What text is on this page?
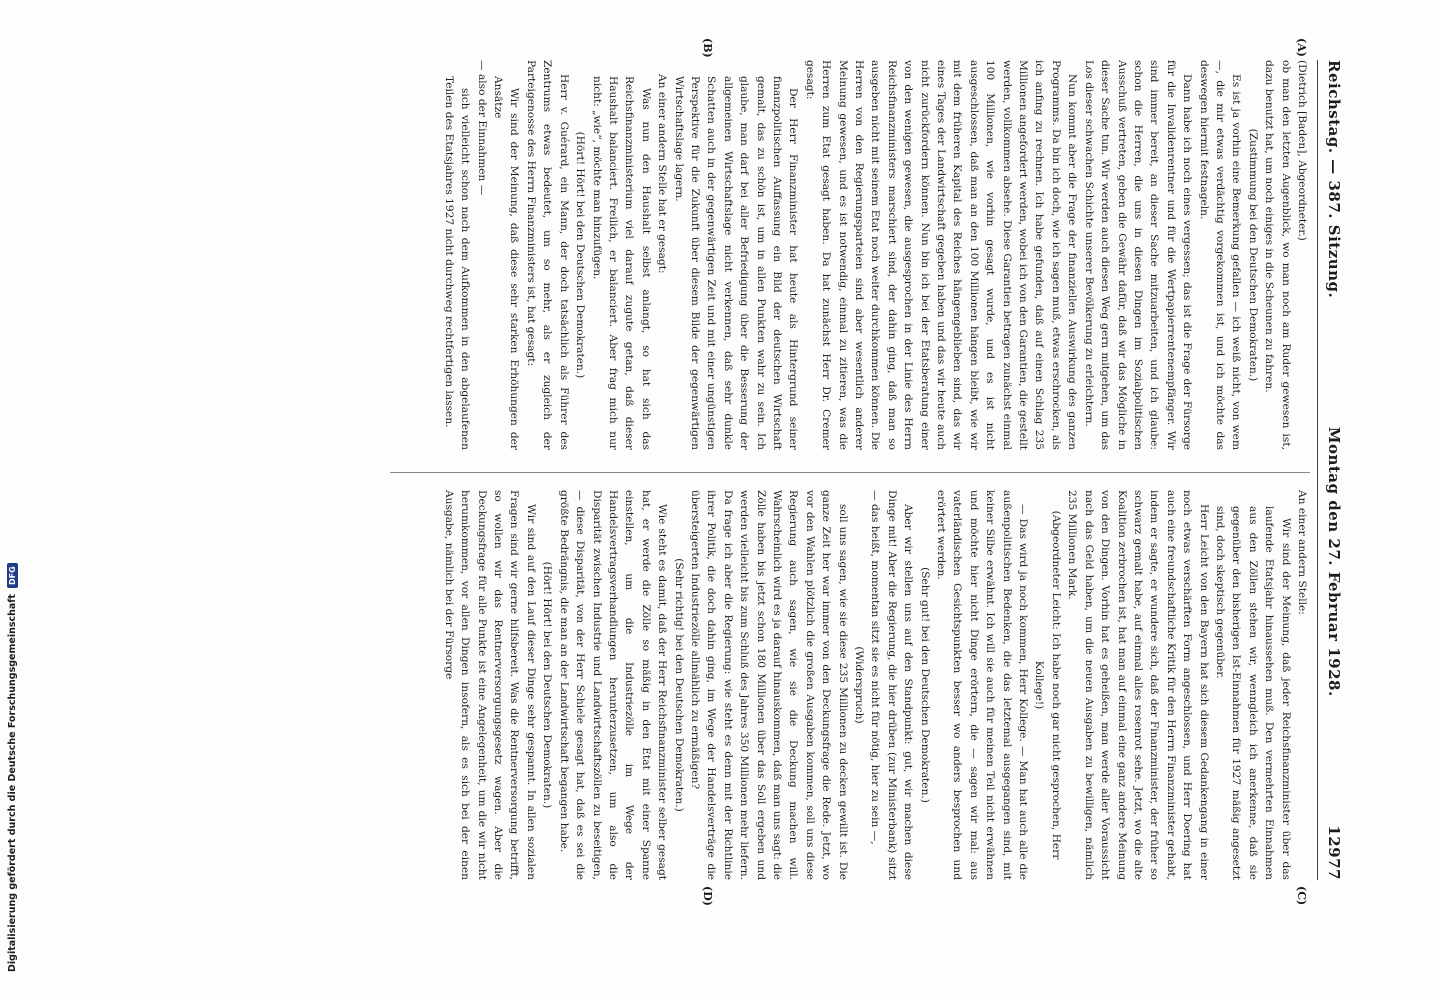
Reichstag. — 387. Sitzung.
Montag den 27. Februar 1928.
12977
(A)
(B)
(C)
(D)

(Dietrich [Baden], Abgeordneter.)

ob man den letzten Augenblick, wo man noch am Ruder gewesen ist, dazu benutzt hat, um noch einiges in die Scheunen zu fahren.

(Zustimmung bei den Deutschen Demokraten.)

Es ist ja vorhin eine Bemerkung gefallen — ich weiß nicht, von wem —, die mir etwas verdächtig vorgekommen ist, und ich möchte das deswegen hiermit festnageln.

Dann habe ich noch eines vergessen; das ist die Frage der Fürsorge für die Invalidenrentner und für die Wertpapierrentenempfänger. Wir sind immer bereit, an dieser Sache mitzuarbeiten, und ich glaube: schon die Herren, die uns in diesen Dingen im Sozialpolitischen Ausschuß vertreten, geben die Gewähr dafür, daß wir das Mögliche in dieser Sache tun. Wir werden auch diesen Weg gern mitgehen, um das Los dieser schwachen Schichte unserer Bevölkerung zu erleichtern.

Nun kommt aber die Frage der finanziellen Auswirkung des ganzen Programms. Da bin ich doch, wie ich sagen muß, etwas erschrocken, als ich anfing zu rechnen. Ich habe gefunden, daß auf einen Schlag 235 Millionen angefordert werden, wobei ich von den Garantien, die gestellt werden, vollkommen absehe. Diese Garantien betragen zunächst einmal 100 Millionen, wie vorhin gesagt wurde, und es ist nicht ausgeschlossen, daß man an den 100 Millionen hängen bleibt, wie wir mit dem früheren Kapital des Reiches hängengeblieben sind, das wir eines Tages der Landwirtschaft gegeben haben und das wir heute auch nicht zurückfordern können. Nun bin ich bei der Etatsberatung einer von den wenigen gewesen, die ausgesprochen in der Linie des Herrn Reichsfinanzministers marschiert sind, der dahin ging, daß man so ausgeben nicht mit seinem Etat noch weiter durchkommen können. Die Herren von den Regierungsparteien sind aber wesentlich anderer Meinung gewesen, und es ist notwendig, einmal zu zitieren, was die Herren zum Etat gesagt haben. Da hat zunächst Herr Dr. Cremer gesagt:

Der Herr Finanzminister hat heute als Hintergrund seiner finanzpolitischen Auffassung ein Bild der deutschen Wirtschaft gemalt, das zu schön ist, um in allen Punkten wahr zu sein. Ich glaube, man darf bei aller Befriedigung über die Besserung der allgemeinen Wirtschaftslage nicht verkennen, daß sehr dunkle Schatten auch in der gegenwärtigen Zeit und mit einer ungünstigen Perspektive für die Zukunft über diesem Bilde der gegenwärtigen Wirtschaftslage lagern.

An einer andern Stelle hat er gesagt:

Was nun den Haushalt selbst anlangt, so hat sich das Reichsfinanzministerium viel darauf zugute getan, daß dieser Haushalt balanciert. Freilich, er balanciert. Aber frag mich nur nicht: „wie“, möchte man hinzufügen.

(Hört! Hört! bei den Deutschen Demokraten.)

Herr v. Guérard, ein Mann, der doch tatsächlich als Führer des Zentrums etwas bedeutet, um so mehr, als er zugleich der Parteigenosse des Herrn Finanzministers ist, hat gesagt:

Wir sind der Meinung, daß diese sehr starken Erhöhungen der Ansätze

— also der Einnahmen —

sich vielleicht schon nach dem Aufkommen in den abgelaufenen Teilen des Etatsjahres 1927 nicht durchweg rechtfertigen lassen.

An einer andern Stelle:

Wir sind der Meinung, daß jeder Reichsfinanzminister über das laufende Etatsjahr hinaussehen muß. Den vermehrten Einnahmen aus den Zöllen stehen wir, wenngleich ich anerkenne, daß sie gegenüber den bisherigen Ist-Einnahmen für 1927 mäßig angesetzt sind, doch skeptisch gegenüber.

Herr Leicht von den Bayern hat sich diesem Gedankengang in einer noch etwas verschärften Form angeschlossen, und Herr Doering hat auch eine freundschaftliche Kritik für den Herrn Finanzminister gehabt, indem er sagte, er wundere sich, daß der Finanzminister, der früher so schwarz gemalt habe, auf einmal alles rosenrot sehe. Jetzt, wo die alte Koalition zerbrochen ist, hat man auf einmal eine ganz andere Meinung von den Dingen. Vorhin hat es geheißen, man werde aller Voraussicht nach das Geld haben, um die neuen Ausgaben zu bewilligen, nämlich 235 Millionen Mark.

(Abgeordneter Leicht: Ich habe noch gar nicht gesprochen, Herr Kollege!)

— Das wird ja noch kommen, Herr Kollege. — Man hat auch alle die außenpolitischen Bedenken, die das letztemal ausgegangen sind, mit keiner Silbe erwähnt. Ich will sie auch für meinen Teil nicht erwähnen und möchte hier nicht Dinge erörtern, die — sagen wir mal: aus vaterländischen Gesichtspunkten besser wo anders besprochen und erörtert werden.

(Sehr gut! bei den Deutschen Demokraten.)

Aber wir stellen uns auf den Standpunkt: gut, wir machen diese Dinge mit! Aber die Regierung, die hier drüben (zur Ministerbank) sitzt — das heißt, momentan sitzt sie es nicht für nötig, hier zu sein —,

(Widerspruch)

soll uns sagen, wie sie diese 235 Millionen zu decken gewillt ist. Die ganze Zeit her war immer von den Deckungsfrage die Rede. Jetzt, wo vor den Wahlen plötzlich die großen Ausgaben kommen, soll uns diese Regierung auch sagen, wie sie die Deckung machen will. Wahrscheinlich wird es ja darauf hinauskommen, daß man uns sagt: die Zölle haben bis jetzt schon 180 Millionen über das Soll ergeben und werden vielleicht bis zum Schluß des Jahres 350 Millionen mehr liefern. Da frage ich aber die Regierung: wie steht es denn mit der Richtlinie ihrer Politik, die doch dahin ging, im Wege der Handelsverträge die übersteigerten Industriezölle allmählich zu ermäßigen?

(Sehr richtig! bei den Deutschen Demokraten.)

Wie steht es damit, daß der Herr Reichsfinanzminister selber gesagt hat, er werde die Zölle so mäßig in den Etat mit einer Spanne einstellen, um die Industriezölle im Wege der Handelsvertragsverhandlungen herunterzusetzen, um also die Disparität zwischen Industrie und Landwirtschaftszöllen zu beseitigen, — diese Disparität, von der Herr Schiele gesagt hat, daß es sei die größte Bedrängnis, die man an der Landwirtschaft begangen habe.

(Hört! Hört! bei den Deutschen Demokraten.)

Wir sind auf den Lauf dieser Dinge sehr gespannt. In allen sozialen Fragen sind wir gerne hilfsbereit. Was die Rentnerversorgung betrifft, so wollen wir das Rentnerversorgungsgesetz wagen. Aber die Deckungsfrage für alle Punkte ist eine Angelegenheit, um die wir nicht herumkommen, vor allen Dingen insofern, als es sich bei der einen Ausgabe, nämlich bei der Fürsorge

Digitalisierung gefördert durch die Deutsche Forschungsgemeinschaft
DFG
